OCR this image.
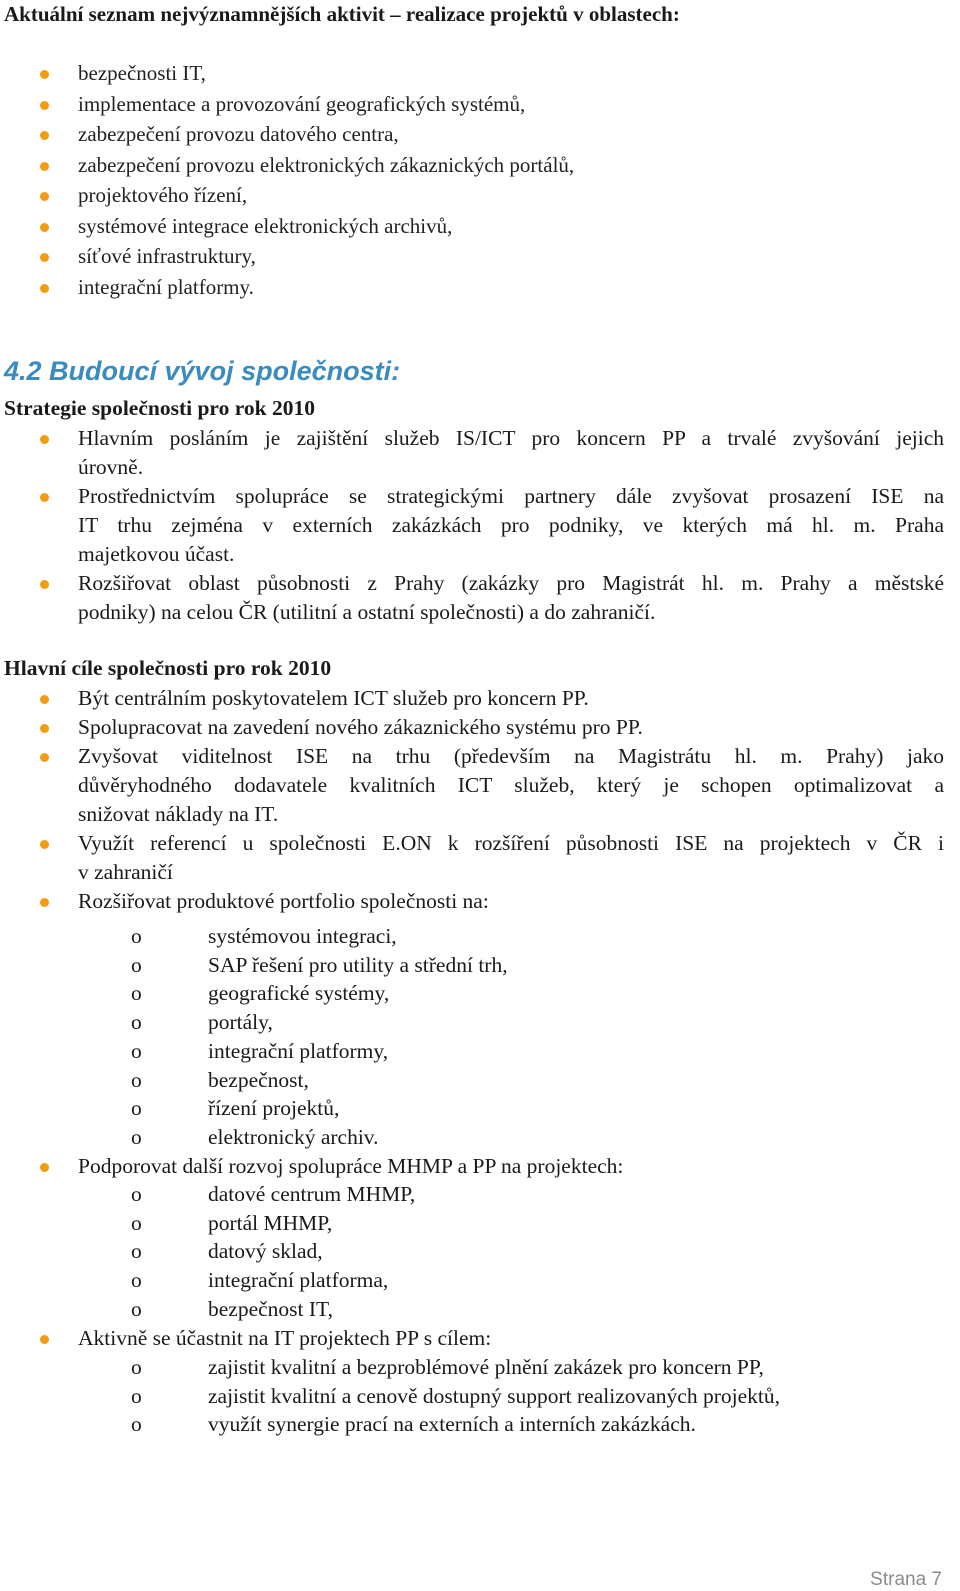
Aktuální seznam nejvýznamnějších aktivit – realizace projektů v oblastech:
bezpečnosti IT,
implementace a provozování geografických systémů,
zabezpečení provozu datového centra,
zabezpečení provozu elektronických zákaznických portálů,
projektového řízení,
systémové integrace elektronických archivů,
síťové infrastruktury,
integrační platformy.
4.2 Budoucí vývoj společnosti:
Strategie společnosti pro rok 2010
Hlavním posláním je zajištění služeb IS/ICT pro koncern PP a trvalé zvyšování jejich
úrovně.
Prostřednictvím spolupráce se strategickými partnery dále zvyšovat prosazení ISE na
IT trhu zejména v externích zakázkách pro podniky, ve kterých má hl. m. Praha
majetkovou účast.
Rozšiřovat oblast působnosti z Prahy (zakázky pro Magistrát hl. m. Prahy a městské
podniky) na celou ČR (utilitní a ostatní společnosti) a do zahraničí.
Hlavní cíle společnosti pro rok 2010
Být centrálním poskytovatelem ICT služeb pro koncern PP.
Spolupracovat na zavedení nového zákaznického systému pro PP.
Zvyšovat viditelnost ISE na trhu (především na Magistrátu hl. m. Prahy) jako
důvěryhodného dodavatele kvalitních ICT služeb, který je schopen optimalizovat a
snižovat náklady na IT.
Využít referencí u společnosti E.ON k rozšíření působnosti ISE na projektech v ČR i
v zahraničí
Rozšiřovat produktové portfolio společnosti na:
o	systémovou integraci,
o	SAP řešení pro utility a střední trh,
o	geografické systémy,
o	portály,
o	integrační platformy,
o	bezpečnost,
o	řízení projektů,
o	elektronický archiv.
Podporovat další rozvoj spolupráce MHMP a PP na projektech:
o	datové centrum MHMP,
o	portál MHMP,
o	datový sklad,
o	integrační platforma,
o	bezpečnost IT,
Aktivně se účastnit na IT projektech PP s cílem:
o	zajistit kvalitní a bezproblémové plnění zakázek pro koncern PP,
o	zajistit kvalitní a cenově dostupný support realizovaných projektů,
o	využít synergie prací na externích a interních zakázkách.
Strana 7
